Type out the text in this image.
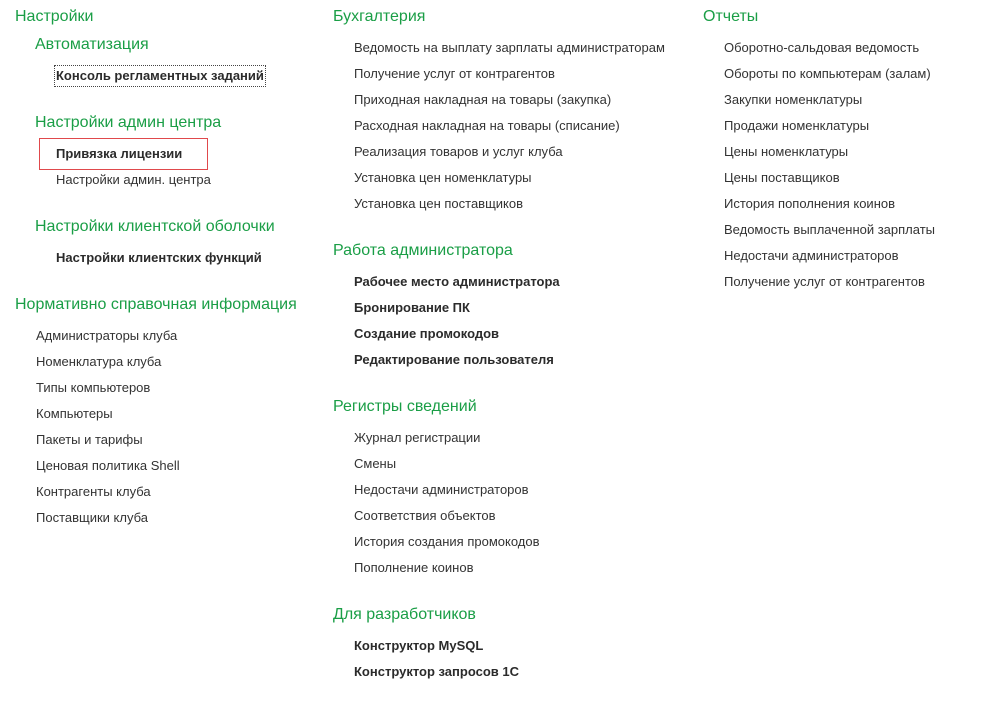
Настройки
Автоматизация
Консоль регламентных заданий
Настройки админ центра
Привязка лицензии
Настройки админ. центра
Настройки клиентской оболочки
Настройки клиентских функций
Нормативно справочная информация
Администраторы клуба
Номенклатура клуба
Типы компьютеров
Компьютеры
Пакеты и тарифы
Ценовая политика Shell
Контрагенты клуба
Поставщики клуба
Бухгалтерия
Ведомость на выплату зарплаты администраторам
Получение услуг от контрагентов
Приходная накладная на товары (закупка)
Расходная накладная на товары (списание)
Реализация товаров и услуг клуба
Установка цен номенклатуры
Установка цен поставщиков
Работа администратора
Рабочее место администратора
Бронирование ПК
Создание промокодов
Редактирование пользователя
Регистры сведений
Журнал регистрации
Смены
Недостачи администраторов
Соответствия объектов
История создания промокодов
Пополнение коинов
Для разработчиков
Конструктор MySQL
Конструктор запросов 1С
Отчеты
Оборотно-сальдовая ведомость
Обороты по компьютерам (залам)
Закупки номенклатуры
Продажи номенклатуры
Цены номенклатуры
Цены поставщиков
История пополнения коинов
Ведомость выплаченной зарплаты
Недостачи администраторов
Получение услуг от контрагентов
